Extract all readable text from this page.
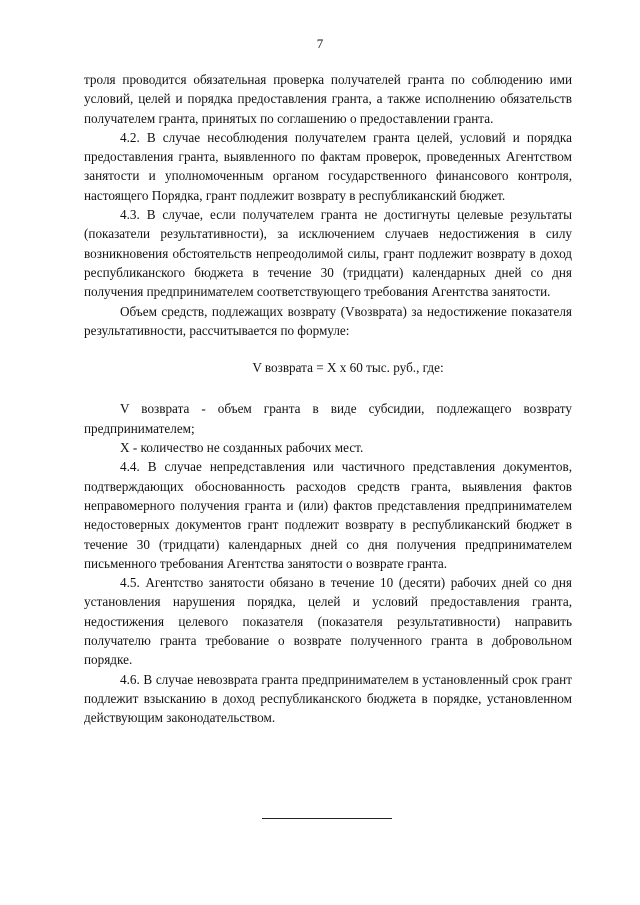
7

троля проводится обязательная проверка получателей гранта по соблюдению ими условий, целей и порядка предоставления гранта, а также исполнению обязательств получателем гранта, принятых по соглашению о предоставлении гранта.

4.2. В случае несоблюдения получателем гранта целей, условий и порядка предоставления гранта, выявленного по фактам проверок, проведенных Агентством занятости и уполномоченным органом государственного финансового контроля, настоящего Порядка, грант подлежит возврату в республиканский бюджет.

4.3. В случае, если получателем гранта не достигнуты целевые результаты (показатели результативности), за исключением случаев недостижения в силу возникновения обстоятельств непреодолимой силы, грант подлежит возврату в доход республиканского бюджета в течение 30 (тридцати) календарных дней со дня получения предпринимателем соответствующего требования Агентства занятости.

Объем средств, подлежащих возврату (Vвозврата) за недостижение показателя результативности, рассчитывается по формуле:

V возврата = X х 60 тыс. руб., где:

V возврата - объем гранта в виде субсидии, подлежащего возврату предпринимателем;

X - количество не созданных рабочих мест.

4.4. В случае непредставления или частичного представления документов, подтверждающих обоснованность расходов средств гранта, выявления фактов неправомерного получения гранта и (или) фактов представления предпринимателем недостоверных документов грант подлежит возврату в республиканский бюджет в течение 30 (тридцати) календарных дней со дня получения предпринимателем письменного требования Агентства занятости о возврате гранта.

4.5. Агентство занятости обязано в течение 10 (десяти) рабочих дней со дня установления нарушения порядка, целей и условий предоставления гранта, недостижения целевого показателя (показателя результативности) направить получателю гранта требование о возврате полученного гранта в добровольном порядке.

4.6. В случае невозврата гранта предпринимателем в установленный срок грант подлежит взысканию в доход республиканского бюджета в порядке, установленном действующим законодательством.
